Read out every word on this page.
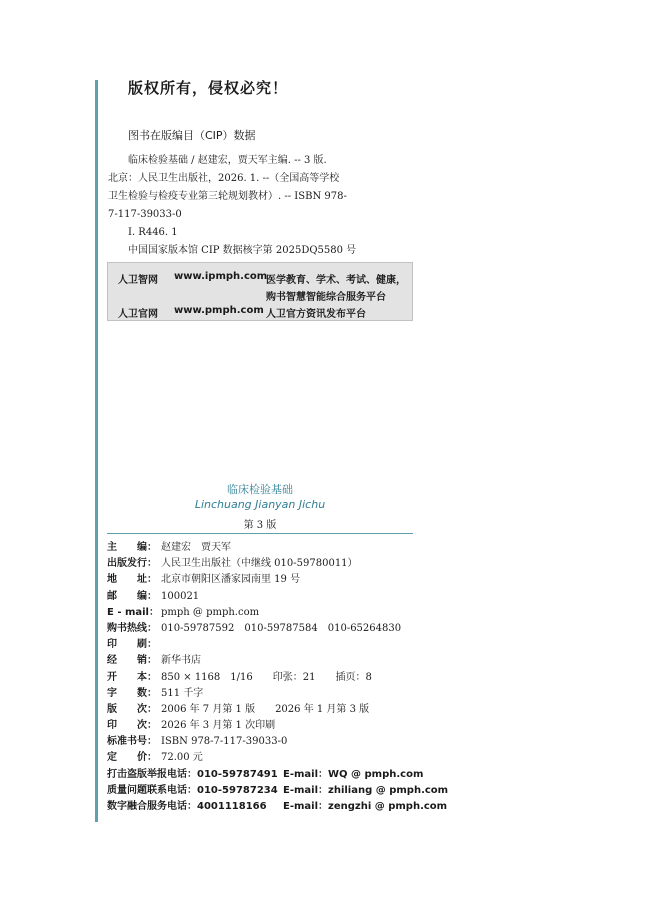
版权所有，侵权必究！
图书在版编目（CIP）数据

临床检验基础 / 赵建宏，贾天军主编. -- 3 版.

北京：人民卫生出版社，2026. 1. --（全国高等学校

卫生检验与检疫专业第三轮规划教材）. -- ISBN 978-

7-117-39033-0

Ⅰ. R446. 1

中国国家版本馆 CIP 数据核字第 2025DQ5580 号

人卫智网 www.ipmph.com
医学教育、学术、考试、健康，
购书智慧智能综合服务平台
人卫官网 www.pmph.com 人卫官方资讯发布平台
临床检验基础
Linchuang Jianyan Jichu
第 3 版
主　　编： 赵建宏　贾天军
出版发行： 人民卫生出版社（中继线 010-59780011）
地　　址： 北京市朝阳区潘家园南里 19 号
邮　　编： 100021
E - mail： pmph @ pmph.com
购书热线： 010-59787592　010-59787584　010-65264830
印　　刷：
经　　销： 新华书店
开　　本： 850 × 1168　1/16　　印张：21　　插页：8
字　　数： 511 千字
版　　次： 2006 年 7 月第 1 版　　2026 年 1 月第 3 版
印　　次： 2026 年 3 月第 1 次印刷
标准书号： ISBN 978-7-117-39033-0
定　　价： 72.00 元
打击盗版举报电话：010-59787491 E-mail：WQ @ pmph.com
质量问题联系电话：010-59787234 E-mail：zhiliang @ pmph.com
数字融合服务电话：4001118166 E-mail：zengzhi @ pmph.com
